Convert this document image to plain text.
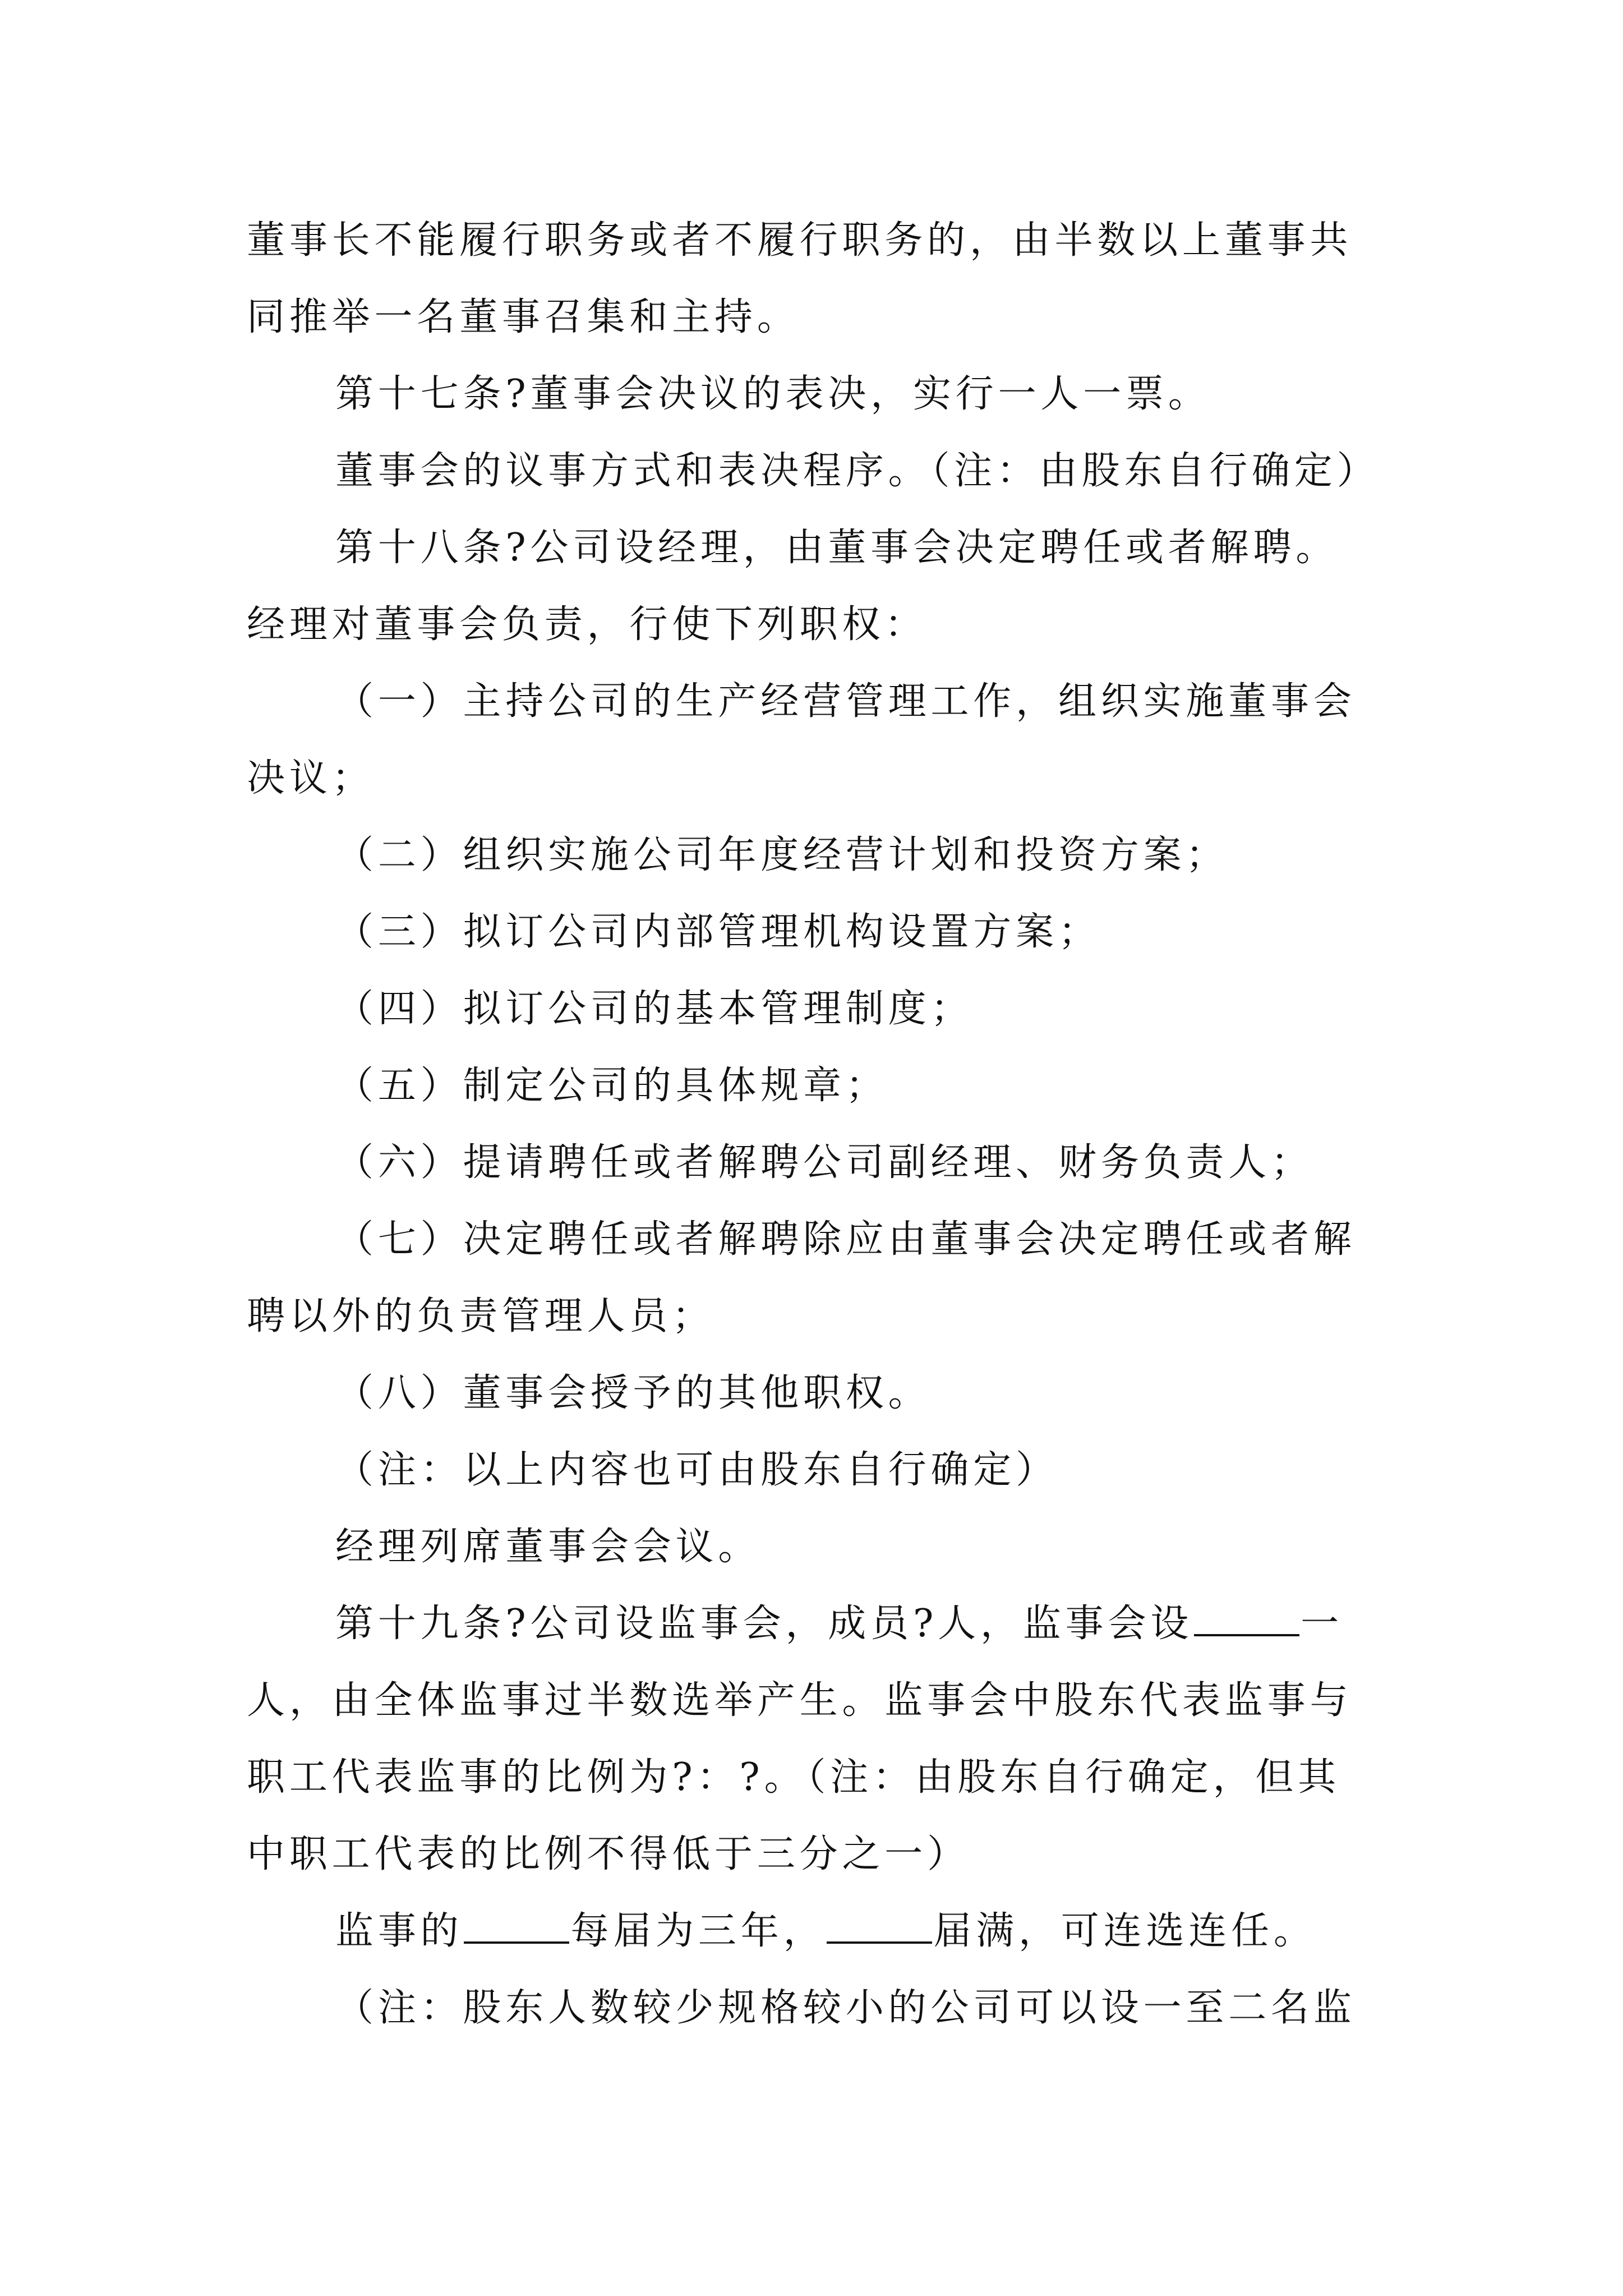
董事长不能履行职务或者不履行职务的，由半数以上董事共
同推举一名董事召集和主持。
第十七条?董事会决议的表决，实行一人一票。
董事会的议事方式和表决程序。（注：由股东自行确定）
第十八条?公司设经理，由董事会决定聘任或者解聘。
经理对董事会负责，行使下列职权：
（一）主持公司的生产经营管理工作，组织实施董事会
决议；
（二）组织实施公司年度经营计划和投资方案；
（三）拟订公司内部管理机构设置方案；
（四）拟订公司的基本管理制度；
（五）制定公司的具体规章；
（六）提请聘任或者解聘公司副经理、财务负责人；
（七）决定聘任或者解聘除应由董事会决定聘任或者解
聘以外的负责管理人员；
（八）董事会授予的其他职权。
（注：以上内容也可由股东自行确定）
经理列席董事会会议。
第十九条?公司设监事会，成员?人，监事会设	一
人，由全体监事过半数选举产生。监事会中股东代表监事与
职工代表监事的比例为?：?。（注：由股东自行确定，但其
中职工代表的比例不得低于三分之一）
监事的	每届为三年，	届满，可连选连任。
（注：股东人数较少规格较小的公司可以设一至二名监
